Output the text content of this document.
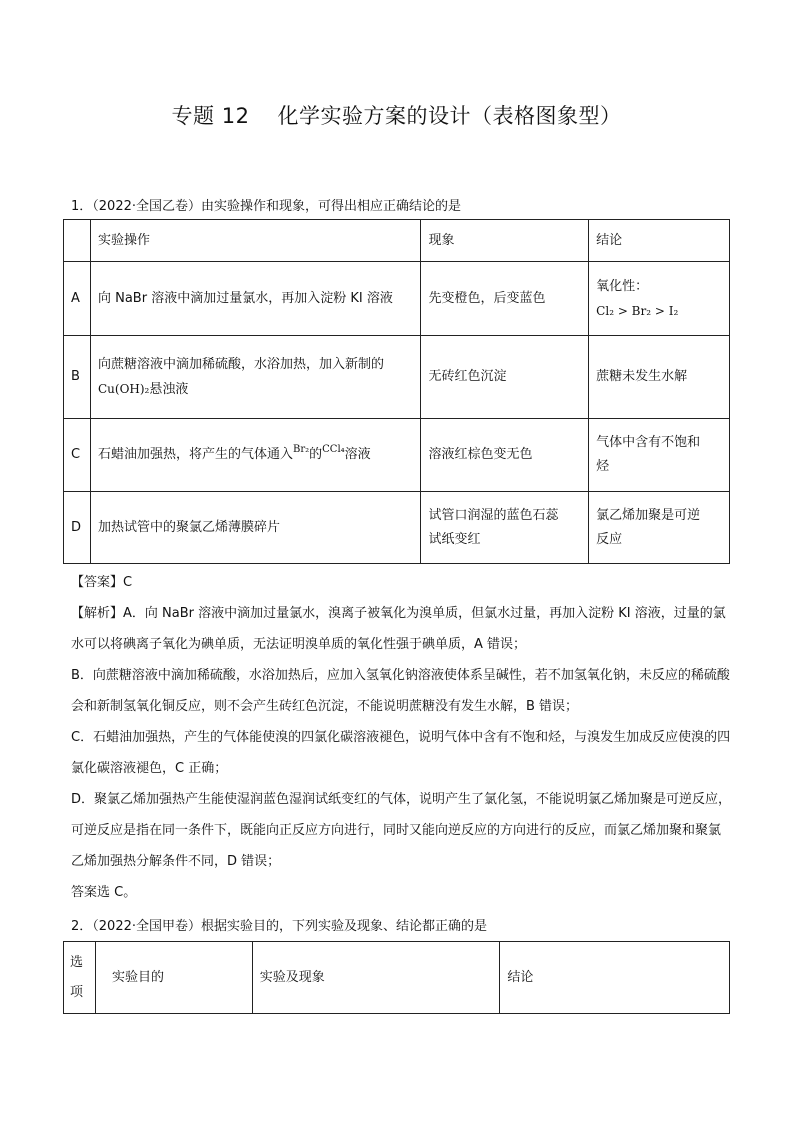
专题 12 化学实验方案的设计（表格图象型）
1．（2022·全国乙卷）由实验操作和现象，可得出相应正确结论的是
	实验操作	现象	结论
A	向 NaBr 溶液中滴加过量氯水，再加入淀粉 KI 溶液	先变橙色，后变蓝色	氧化性：
Cl₂ > Br₂ > I₂

B	向蔗糖溶液中滴加稀硫酸，水浴加热，加入新制的
Cu(OH)₂悬浊液	无砖红色沉淀	蔗糖未发生水解
C	石蜡油加强热，将产生的气体通入$^{Br_2}$的$^{CCl_4}$溶液	溶液红棕色变无色	气体中含有不饱和烃
D	加热试管中的聚氯乙烯薄膜碎片	试管口润湿的蓝色石蕊试纸变红	氯乙烯加聚是可逆反应

【答案】C

【解析】A．向 NaBr 溶液中滴加过量氯水，溴离子被氧化为溴单质，但氯水过量，再加入淀粉 KI 溶液，过量的氯水可以将碘离子氧化为碘单质，无法证明溴单质的氧化性强于碘单质，A 错误；

B．向蔗糖溶液中滴加稀硫酸，水浴加热后，应加入氢氧化钠溶液使体系呈碱性，若不加氢氧化钠，未反应的稀硫酸会和新制氢氧化铜反应，则不会产生砖红色沉淀，不能说明蔗糖没有发生水解，B 错误；

C．石蜡油加强热，产生的气体能使溴的四氯化碳溶液褪色，说明气体中含有不饱和烃，与溴发生加成反应使溴的四氯化碳溶液褪色，C 正确；

D．聚氯乙烯加强热产生能使湿润蓝色湿润试纸变红的气体，说明产生了氯化氢，不能说明氯乙烯加聚是可逆反应，可逆反应是指在同一条件下，既能向正反应方向进行，同时又能向逆反应的方向进行的反应，而氯乙烯加聚和聚氯乙烯加强热分解条件不同，D 错误；

答案选 C。

2．（2022·全国甲卷）根据实验目的，下列实验及现象、结论都正确的是
选项	实验目的	实验及现象	结论
